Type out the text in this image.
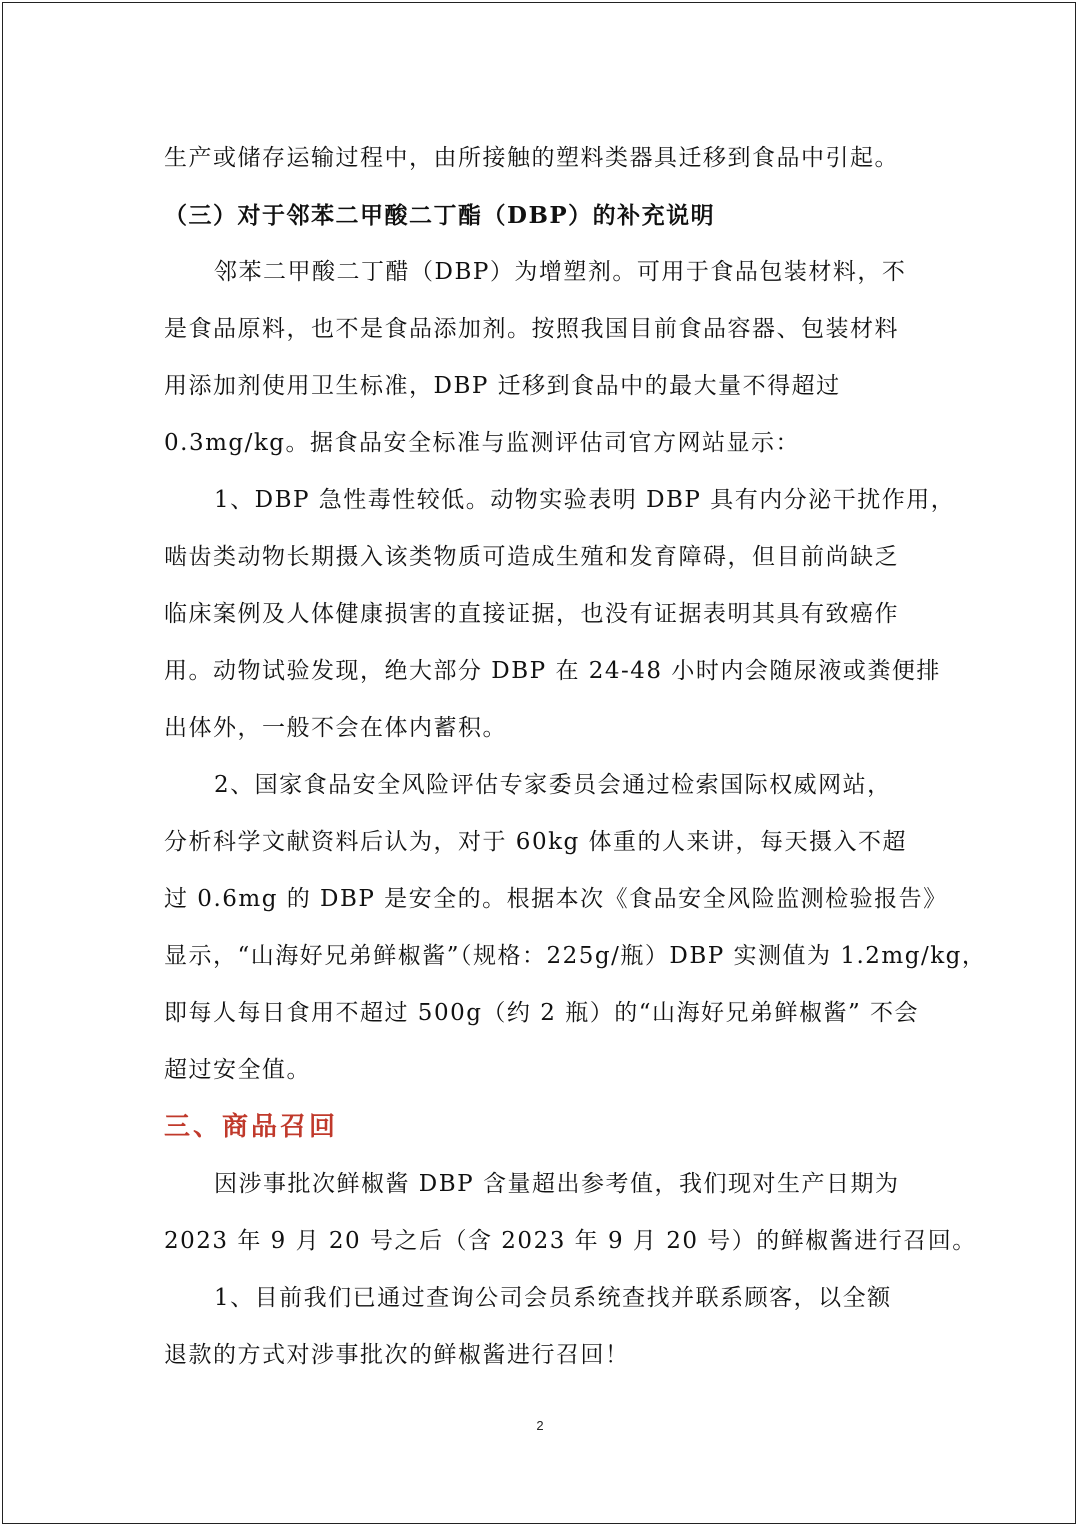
生产或储存运输过程中，由所接触的塑料类器具迁移到食品中引起。
（三）对于邻苯二甲酸二丁酯（DBP）的补充说明
邻苯二甲酸二丁醋（DBP）为增塑剂。可用于食品包装材料，不
是食品原料，也不是食品添加剂。按照我国目前食品容器、包装材料
用添加剂使用卫生标准，DBP 迁移到食品中的最大量不得超过
0.3mg/kg。据食品安全标准与监测评估司官方网站显示：
1、DBP 急性毒性较低。动物实验表明 DBP 具有内分泌干扰作用，
啮齿类动物长期摄入该类物质可造成生殖和发育障碍，但目前尚缺乏
临床案例及人体健康损害的直接证据，也没有证据表明其具有致癌作
用。动物试验发现，绝大部分 DBP 在 24-48 小时内会随尿液或粪便排
出体外，一般不会在体内蓄积。
2、国家食品安全风险评估专家委员会通过检索国际权威网站，
分析科学文献资料后认为，对于 60kg 体重的人来讲，每天摄入不超
过 0.6mg 的 DBP 是安全的。根据本次《食品安全风险监测检验报告》
显示，“山海好兄弟鲜椒酱”（规格：225g/瓶）DBP 实测值为 1.2mg/kg，
即每人每日食用不超过 500g（约 2 瓶）的“山海好兄弟鲜椒酱” 不会
超过安全值。
三、商品召回
因涉事批次鲜椒酱 DBP 含量超出参考值，我们现对生产日期为
2023 年 9 月 20 号之后（含 2023 年 9 月 20 号）的鲜椒酱进行召回。
1、目前我们已通过查询公司会员系统查找并联系顾客，以全额
退款的方式对涉事批次的鲜椒酱进行召回！
2
